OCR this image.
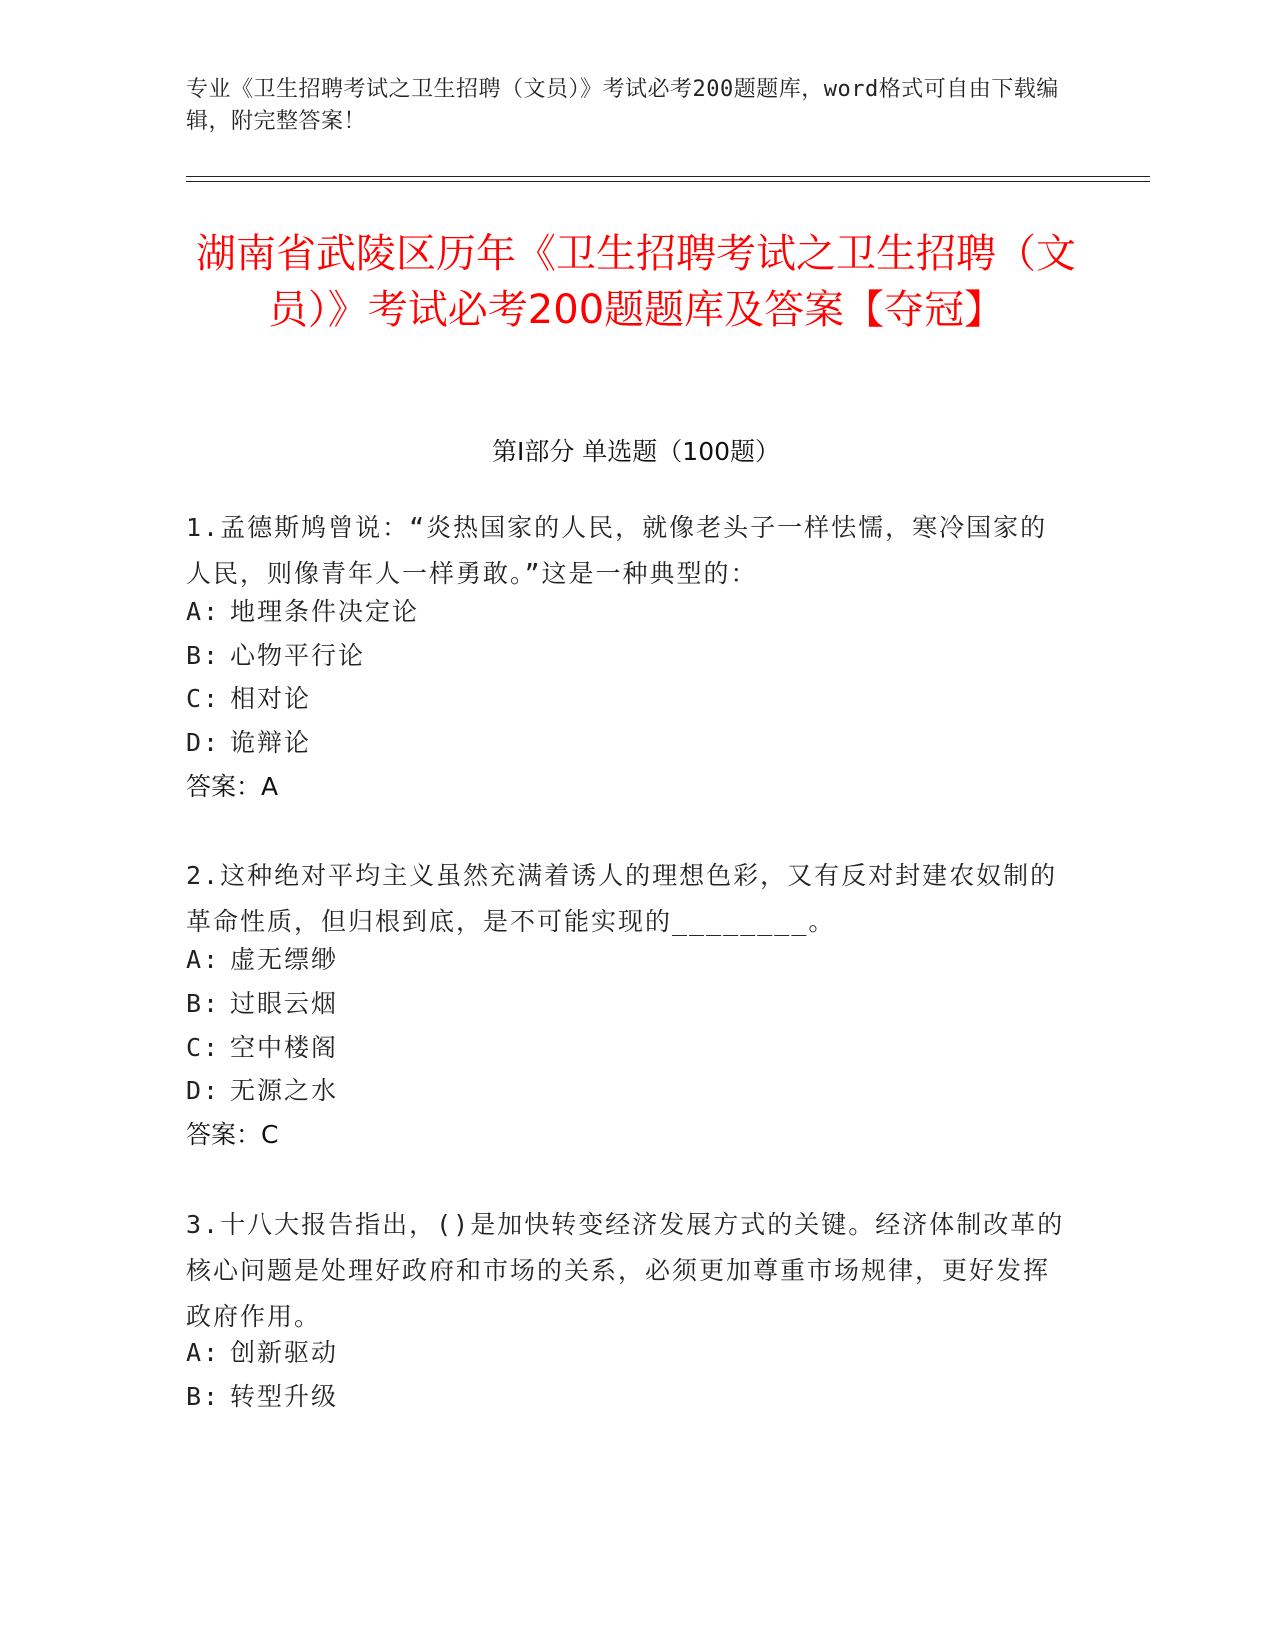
专业《卫生招聘考试之卫生招聘（文员）》考试必考200题题库，word格式可自由下载编辑，附完整答案！
湖南省武陵区历年《卫生招聘考试之卫生招聘（文员）》考试必考200题题库及答案【夺冠】
第I部分 单选题（100题）
1.孟德斯鸠曾说：“炎热国家的人民，就像老头子一样怯懦，寒冷国家的人民，则像青年人一样勇敢。”这是一种典型的：
A: 地理条件决定论
B: 心物平行论
C: 相对论
D: 诡辩论
答案：A
2.这种绝对平均主义虽然充满着诱人的理想色彩，又有反对封建农奴制的革命性质，但归根到底，是不可能实现的________。
A: 虚无缥缈
B: 过眼云烟
C: 空中楼阁
D: 无源之水
答案：C
3.十八大报告指出，()是加快转变经济发展方式的关键。经济体制改革的核心问题是处理好政府和市场的关系，必须更加尊重市场规律，更好发挥政府作用。
A: 创新驱动
B: 转型升级
